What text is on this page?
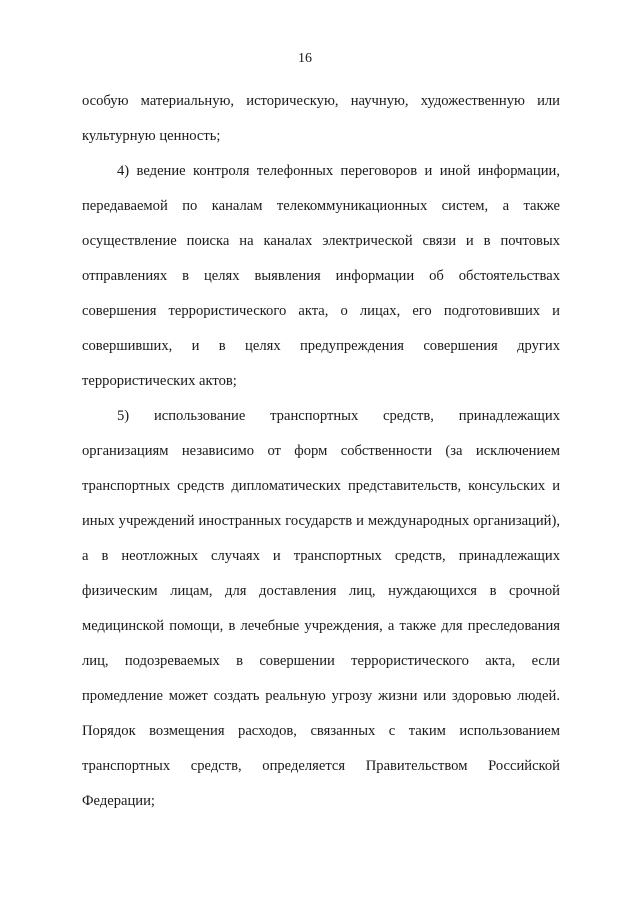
16

особую материальную, историческую, научную, художественную или культурную ценность;

4) ведение контроля телефонных переговоров и иной информации, передаваемой по каналам телекоммуникационных систем, а также осуществление поиска на каналах электрической связи и в почтовых отправлениях в целях выявления информации об обстоятельствах совершения террористического акта, о лицах, его подготовивших и совершивших, и в целях предупреждения совершения других террористических актов;

5) использование транспортных средств, принадлежащих организациям независимо от форм собственности (за исключением транспортных средств дипломатических представительств, консульских и иных учреждений иностранных государств и международных организаций), а в неотложных случаях и транспортных средств, принадлежащих физическим лицам, для доставления лиц, нуждающихся в срочной медицинской помощи, в лечебные учреждения, а также для преследования лиц, подозреваемых в совершении террористического акта, если промедление может создать реальную угрозу жизни или здоровью людей. Порядок возмещения расходов, связанных с таким использованием транспортных средств, определяется Правительством Российской Федерации;
